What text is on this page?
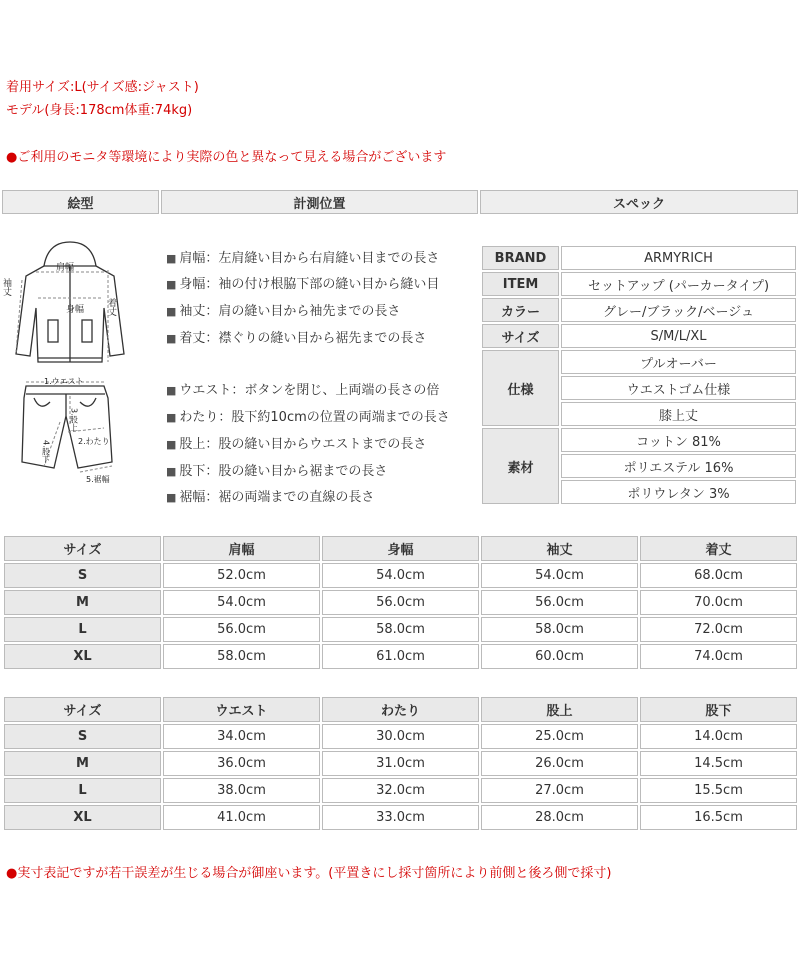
着用サイズ:L(サイズ感:ジャスト)
モデル(身長:178cm体重:74kg)
●ご利用のモニタ等環境により実際の色と異なって見える場合がございます
絵型	計測位置	スペック
肩幅
袖丈
身幅 着丈
1.ウエスト
3.股上
2.わたり
4.股下
5.裾幅
■ 肩幅：左肩縫い目から右肩縫い目までの長さ
■ 身幅：袖の付け根脇下部の縫い目から縫い目
■ 袖丈：肩の縫い目から袖先までの長さ
■ 着丈：襟ぐりの縫い目から裾先までの長さ
■ ウエスト：ボタンを閉じ、上両端の長さの倍
■ わたり：股下約10cmの位置の両端までの長さ
■ 股上：股の縫い目からウエストまでの長さ
■ 股下：股の縫い目から裾までの長さ
■ 裾幅：裾の両端までの直線の長さ
BRAND	ARMYRICH
ITEM	セットアップ (パーカータイプ)
カラー	グレー/ブラック/ベージュ
サイズ	S/M/L/XL
仕様	プルオーバー
	ウエストゴム仕様
	膝上丈
素材	コットン 81%
	ポリエステル 16%
	ポリウレタン 3%
サイズ	肩幅	身幅	袖丈	着丈
S	52.0cm	54.0cm	54.0cm	68.0cm
M	54.0cm	56.0cm	56.0cm	70.0cm
L	56.0cm	58.0cm	58.0cm	72.0cm
XL	58.0cm	61.0cm	60.0cm	74.0cm
サイズ	ウエスト	わたり	股上	股下
S	34.0cm	30.0cm	25.0cm	14.0cm
M	36.0cm	31.0cm	26.0cm	14.5cm
L	38.0cm	32.0cm	27.0cm	15.5cm
XL	41.0cm	33.0cm	28.0cm	16.5cm
●実寸表記ですが若干誤差が生じる場合が御座います。(平置きにし採寸箇所により前側と後ろ側で採寸)
